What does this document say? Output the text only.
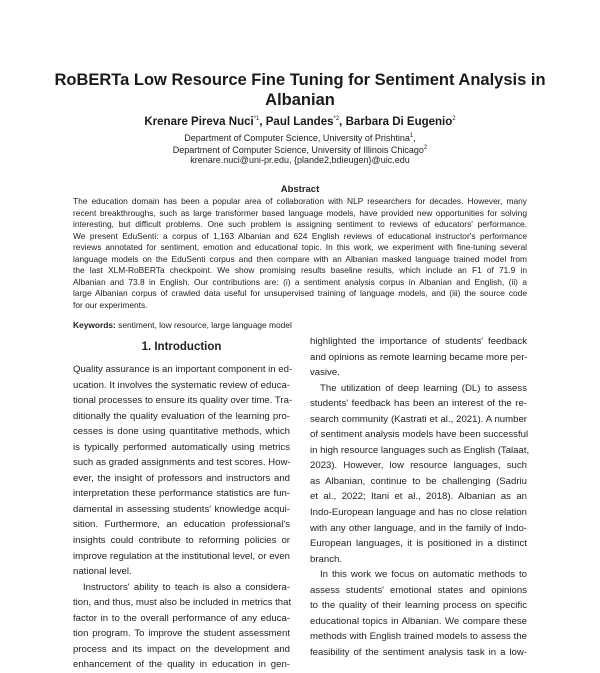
RoBERTa Low Resource Fine Tuning for Sentiment Analysis in
Albanian
Krenare Pireva Nuci$^{*1}$, Paul Landes$^{*2}$, Barbara Di Eugenio$^2$
Department of Computer Science, University of Prishtina$^1$,
Department of Computer Science, University of Illinois Chicago$^2$
krenare.nuci@uni-pr.edu, {plande2,bdieugen}@uic.edu
Abstract
The education domain has been a popular area of collaboration with NLP researchers for decades. However, many
recent breakthroughs, such as large transformer based language models, have provided new opportunities for solving
interesting, but difficult problems. One such problem is assigning sentiment to reviews of educators' performance.
We present EduSenti: a corpus of 1,163 Albanian and 624 English reviews of educational instructor's performance
reviews annotated for sentiment, emotion and educational topic. In this work, we experiment with fine-tuning several
language models on the EduSenti corpus and then compare with an Albanian masked language trained model from
the last XLM-RoBERTa checkpoint. We show promising results baseline results, which include an F1 of 71.9 in
Albanian and 73.8 in English. Our contributions are: (i) a sentiment analysis corpus in Albanian and English, (ii) a
large Albanian corpus of crawled data useful for unsupervised training of language models, and (iii) the source code
for our experiments.
Keywords: sentiment, low resource, large language model
1. Introduction
Quality assurance is an important component in ed-
ucation. It involves the systematic review of educa-
tional processes to ensure its quality over time. Tra-
ditionally the quality evaluation of the learning pro-
cesses is done using quantitative methods, which
is typically performed automatically using metrics
such as graded assignments and test scores. How-
ever, the insight of professors and instructors and
interpretation these performance statistics are fun-
damental in assessing students' knowledge acqui-
sition. Furthermore, an education professional's
insights could contribute to reforming policies or
improve regulation at the institutional level, or even
national level.
Instructors' ability to teach is also a considera-
tion, and thus, must also be included in metrics that
factor in to the overall performance of any educa-
tion program. To improve the student assessment
process and its impact on the development and
enhancement of the quality in education in gen-
highlighted the importance of students' feedback
and opinions as remote learning became more per-
vasive.
The utilization of deep learning (DL) to assess
students' feedback has been an interest of the re-
search community (Kastrati et al., 2021). A number
of sentiment analysis models have been successful
in high resource languages such as English (Talaat,
2023). However, low resource languages, such
as Albanian, continue to be challenging (Sadriu
et al., 2022; Itani et al., 2018). Albanian as an
Indo-European language and has no close relation
with any other language, and in the family of Indo-
European languages, it is positioned in a distinct
branch.
In this work we focus on automatic methods to
assess students' emotional states and opinions
to the quality of their learning process on specific
educational topics in Albanian. We compare these
methods with English trained models to assess the
feasibility of the sentiment analysis task in a low-
